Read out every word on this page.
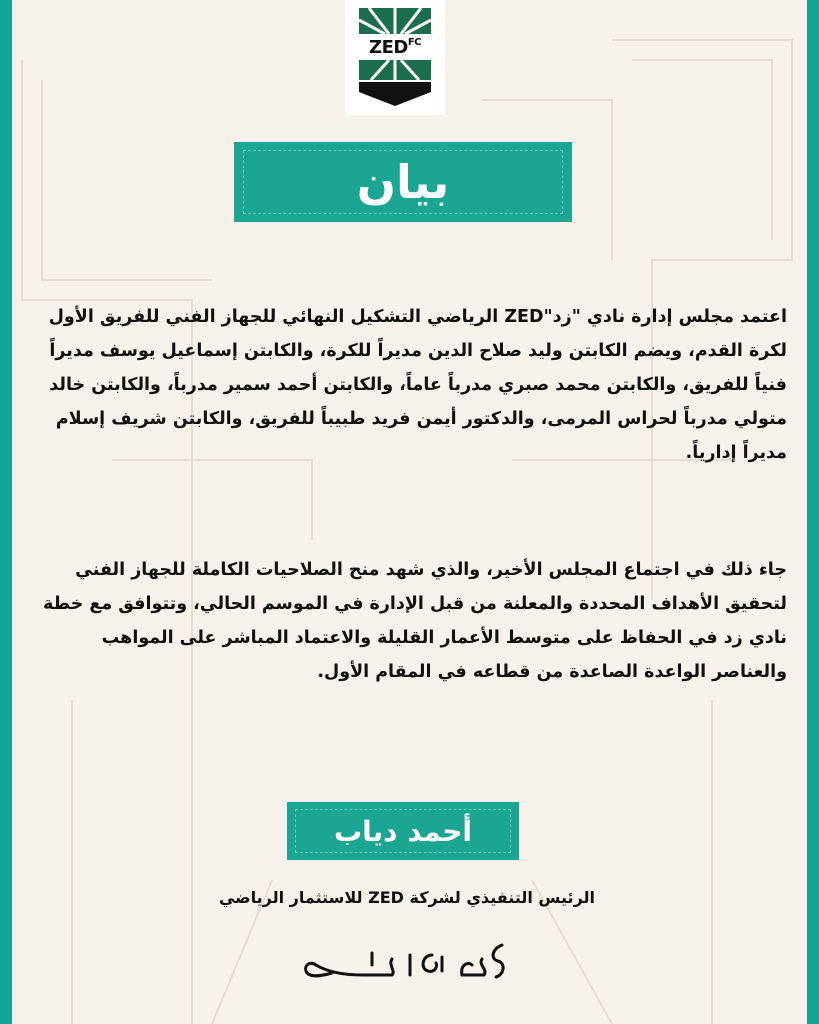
$ZED^{FC}$
بيان

اعتمد مجلس إدارة نادي "زد"ZED الرياضي التشكيل النهائي للجهاز الفني للفريق الأول لكرة القدم، ويضم الكابتن وليد صلاح الدين مديراً للكرة، والكابتن إسماعيل يوسف مديراً فنياً للفريق، والكابتن محمد صبري مدرباً عاماً، والكابتن أحمد سمير مدرباً، والكابتن خالد متولي مدرباً لحراس المرمى، والدكتور أيمن فريد طبيباً للفريق، والكابتن شريف إسلام مديراً إدارياً.

جاء ذلك في اجتماع المجلس الأخير، والذي شهد منح الصلاحيات الكاملة للجهاز الفني لتحقيق الأهداف المحددة والمعلنة من قبل الإدارة في الموسم الحالي، وتتوافق مع خطة نادي زد في الحفاظ على متوسط الأعمار القليلة والاعتماد المباشر على المواهب والعناصر الواعدة الصاعدة من قطاعه في المقام الأول.

أحمد دياب
الرئيس التنفيذي لشركة ZED للاستثمار الرياضي
